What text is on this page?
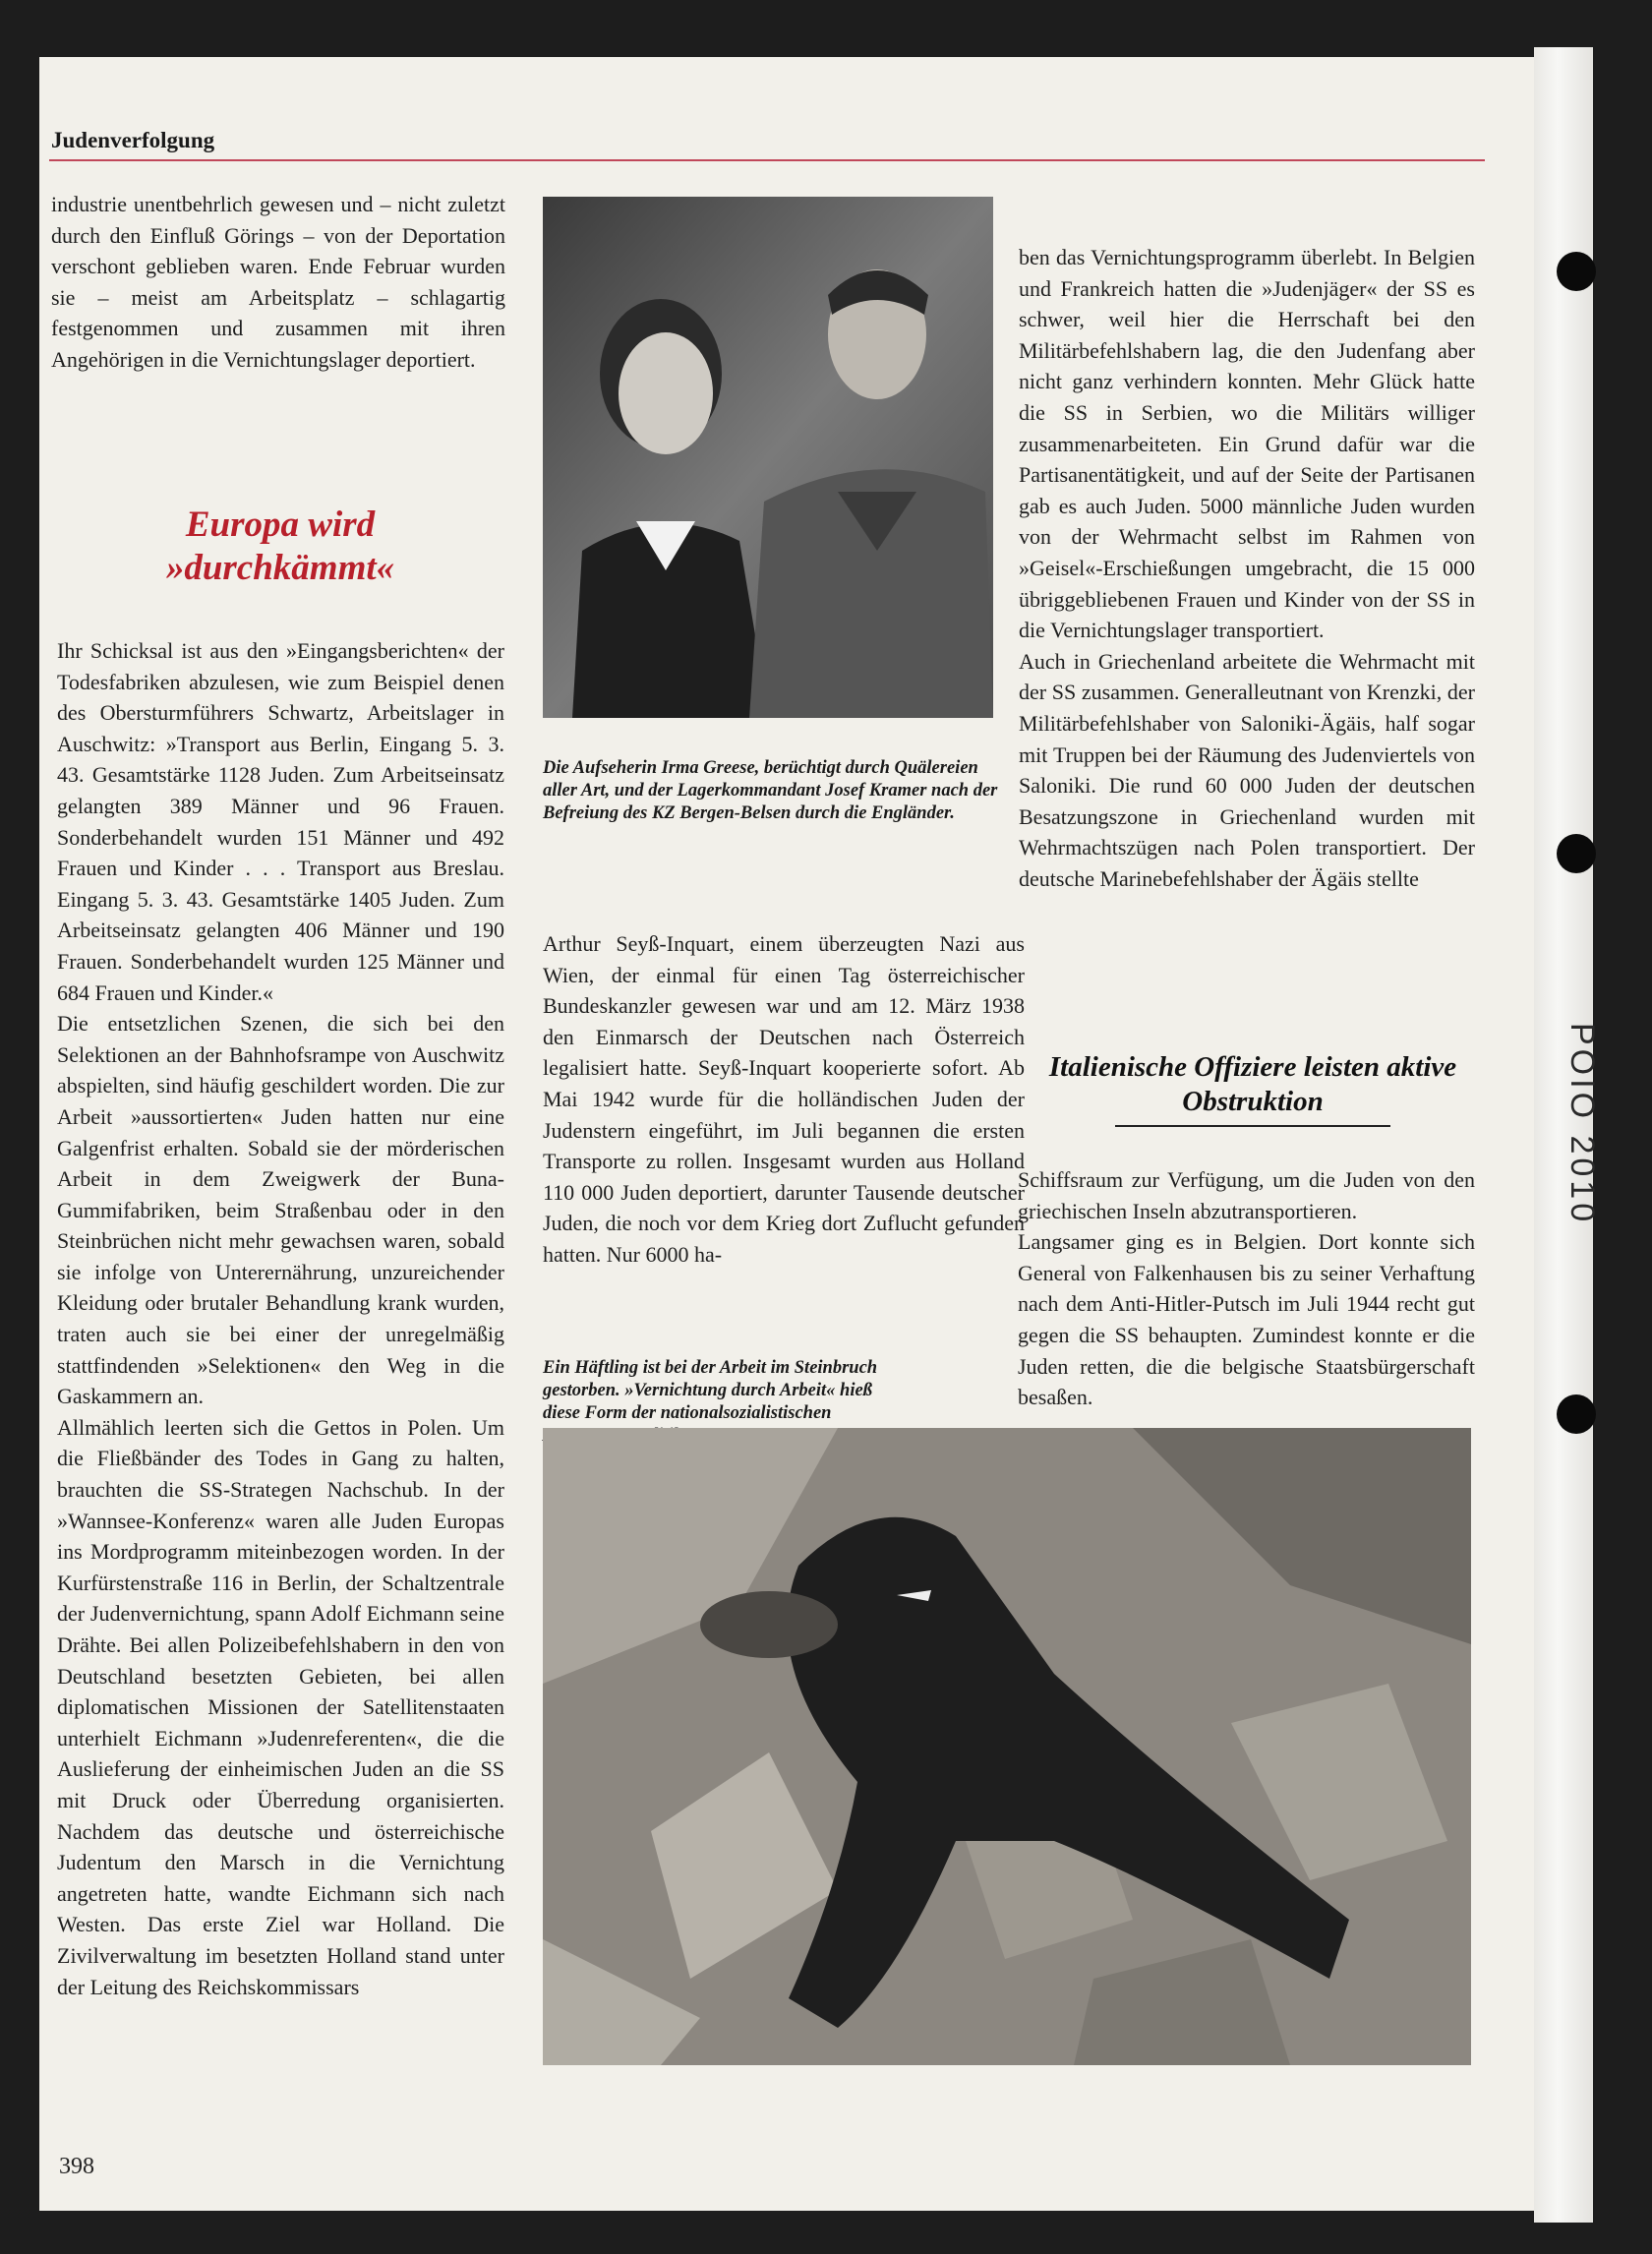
POIO 2010
Judenverfolgung

industrie unentbehrlich gewesen und – nicht zuletzt durch den Einfluß Görings – von der Deportation verschont geblieben waren. Ende Februar wurden sie – meist am Arbeitsplatz – schlagartig festgenommen und zusammen mit ihren Angehörigen in die Vernichtungslager deportiert.

Europa wird »durchkämmt«

Ihr Schicksal ist aus den »Eingangsberichten« der Todesfabriken abzulesen, wie zum Beispiel denen des Obersturmführers Schwartz, Arbeitslager in Auschwitz: »Transport aus Berlin, Eingang 5. 3. 43. Gesamtstärke 1128 Juden. Zum Arbeitseinsatz gelangten 389 Männer und 96 Frauen. Sonderbehandelt wurden 151 Männer und 492 Frauen und Kinder . . . Transport aus Breslau. Eingang 5. 3. 43. Gesamtstärke 1405 Juden. Zum Arbeitseinsatz gelangten 406 Männer und 190 Frauen. Sonderbehandelt wurden 125 Männer und 684 Frauen und Kinder.«

Die entsetzlichen Szenen, die sich bei den Selektionen an der Bahnhofsrampe von Auschwitz abspielten, sind häufig geschildert worden. Die zur Arbeit »aussortierten« Juden hatten nur eine Galgenfrist erhalten. Sobald sie der mörderischen Arbeit in dem Zweigwerk der Buna-Gummifabriken, beim Straßenbau oder in den Steinbrüchen nicht mehr gewachsen waren, sobald sie infolge von Unterernährung, unzureichender Kleidung oder brutaler Behandlung krank wurden, traten auch sie bei einer der unregelmäßig stattfindenden »Selektionen« den Weg in die Gaskammern an.

Allmählich leerten sich die Gettos in Polen. Um die Fließbänder des Todes in Gang zu halten, brauchten die SS-Strategen Nachschub. In der »Wannsee-Konferenz« waren alle Juden Europas ins Mordprogramm miteinbezogen worden. In der Kurfürstenstraße 116 in Berlin, der Schaltzentrale der Judenvernichtung, spann Adolf Eichmann seine Drähte. Bei allen Polizeibefehlshabern in den von Deutschland besetzten Gebieten, bei allen diplomatischen Missionen der Satellitenstaaten unterhielt Eichmann »Judenreferenten«, die die Auslieferung der einheimischen Juden an die SS mit Druck oder Überredung organisierten. Nachdem das deutsche und österreichische Judentum den Marsch in die Vernichtung angetreten hatte, wandte Eichmann sich nach Westen. Das erste Ziel war Holland. Die Zivilverwaltung im besetzten Holland stand unter der Leitung des Reichskommissars

Die Aufseherin Irma Greese, berüchtigt durch Quälereien aller Art, und der Lagerkommandant Josef Kramer nach der Befreiung des KZ Bergen-Belsen durch die Engländer.

Arthur Seyß-Inquart, einem überzeugten Nazi aus Wien, der einmal für einen Tag österreichischer Bundeskanzler gewesen war und am 12. März 1938 den Einmarsch der Deutschen nach Österreich legalisiert hatte. Seyß-Inquart kooperierte sofort. Ab Mai 1942 wurde für die holländischen Juden der Judenstern eingeführt, im Juli begannen die ersten Transporte zu rollen. Insgesamt wurden aus Holland 110 000 Juden deportiert, darunter Tausende deutscher Juden, die noch vor dem Krieg dort Zuflucht gefunden hatten. Nur 6000 ha-

Ein Häftling ist bei der Arbeit im Steinbruch gestorben. »Vernichtung durch Arbeit« hieß diese Form der nationalsozialistischen

ben das Vernichtungsprogramm überlebt. In Belgien und Frankreich hatten die »Judenjäger« der SS es schwer, weil hier die Herrschaft bei den Militärbefehlshabern lag, die den Judenfang aber nicht ganz verhindern konnten. Mehr Glück hatte die SS in Serbien, wo die Militärs williger zusammenarbeiteten. Ein Grund dafür war die Partisanentätigkeit, und auf der Seite der Partisanen gab es auch Juden. 5000 männliche Juden wurden von der Wehrmacht selbst im Rahmen von »Geisel«-Erschießungen umgebracht, die 15 000 übriggebliebenen Frauen und Kinder von der SS in die Vernichtungslager transportiert.

Auch in Griechenland arbeitete die Wehrmacht mit der SS zusammen. Generalleutnant von Krenzki, der Militärbefehlshaber von Saloniki-Ägäis, half sogar mit Truppen bei der Räumung des Judenviertels von Saloniki. Die rund 60 000 Juden der deutschen Besatzungszone in Griechenland wurden mit Wehrmachtszügen nach Polen transportiert. Der deutsche Marinebefehlshaber der Ägäis stellte

Italienische Offiziere leisten aktive Obstruktion

Schiffsraum zur Verfügung, um die Juden von den griechischen Inseln abzutransportieren.

Langsamer ging es in Belgien. Dort konnte sich General von Falkenhausen bis zu seiner Verhaftung nach dem Anti-Hitler-Putsch im Juli 1944 recht gut gegen die SS behaupten. Zumindest konnte er die Juden retten, die die belgische Staatsbürgerschaft besaßen.

398
